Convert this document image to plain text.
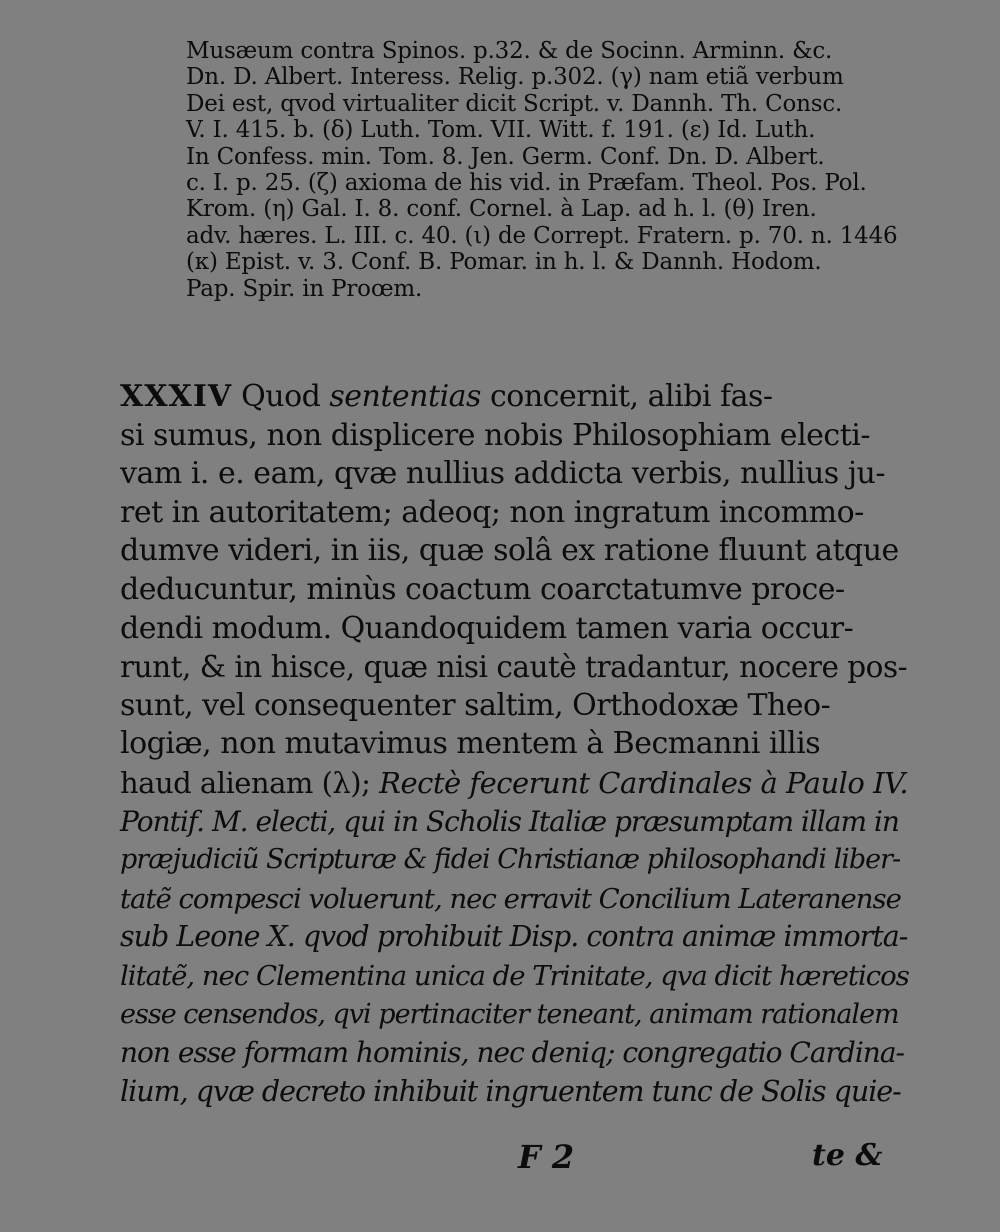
Musæum contra Spinos. p.32. & de Socinn. Arminn. &c.
Dn. D. Albert. Interess. Relig. p.302. (γ) nam etiã verbum
Dei est, qvod virtualiter dicit Script. v. Dannh. Th. Consc.
V. I. 415. b. (δ) Luth. Tom. VII. Witt. f. 191. (ε) Id. Luth.
In Confess. min. Tom. 8. Jen. Germ. Conf. Dn. D. Albert.
c. I. p. 25. (ζ) axioma de his vid. in Præfam. Theol. Pos. Pol.
Krom. (η) Gal. I. 8. conf. Cornel. à Lap. ad h. l. (θ) Iren.
adv. hæres. L. III. c. 40. (ι) de Corrept. Fratern. p. 70. n. 1446
(κ) Epist. v. 3. Conf. B. Pomar. in h. l. & Dannh. Hodom.
Pap. Spir. in Proœm.
XXXIV Quod sententias concernit, alibi fas-
si sumus, non displicere nobis Philosophiam electi-
vam i. e. eam, qvæ nullius addicta verbis, nullius ju-
ret in autoritatem; adeoq; non ingratum incommo-
dumve videri, in iis, quæ solâ ex ratione fluunt atque
deducuntur, minùs coactum coarctatumve proce-
dendi modum. Quandoquidem tamen varia occur-
runt, & in hisce, quæ nisi cautè tradantur, nocere pos-
sunt, vel consequenter saltim, Orthodoxæ Theo-
logiæ, non mutavimus mentem à Becmanni illis
haud alienam (λ); Rectè fecerunt Cardinales à Paulo IV.
Pontif. M. electi, qui in Scholis Italiæ præsumptam illam in
præjudiciũ Scripturæ & fidei Christianæ philosophandi liber-
tatẽ compesci voluerunt, nec erravit Concilium Lateranense
sub Leone X. qvod prohibuit Disp. contra animæ immorta-
litatẽ, nec Clementina unica de Trinitate, qva dicit hæreticos
esse censendos, qvi pertinaciter teneant, animam rationalem
non esse formam hominis, nec deniq; congregatio Cardina-
lium, qvæ decreto inhibuit ingruentem tunc de Solis quie-
F 2	te &
